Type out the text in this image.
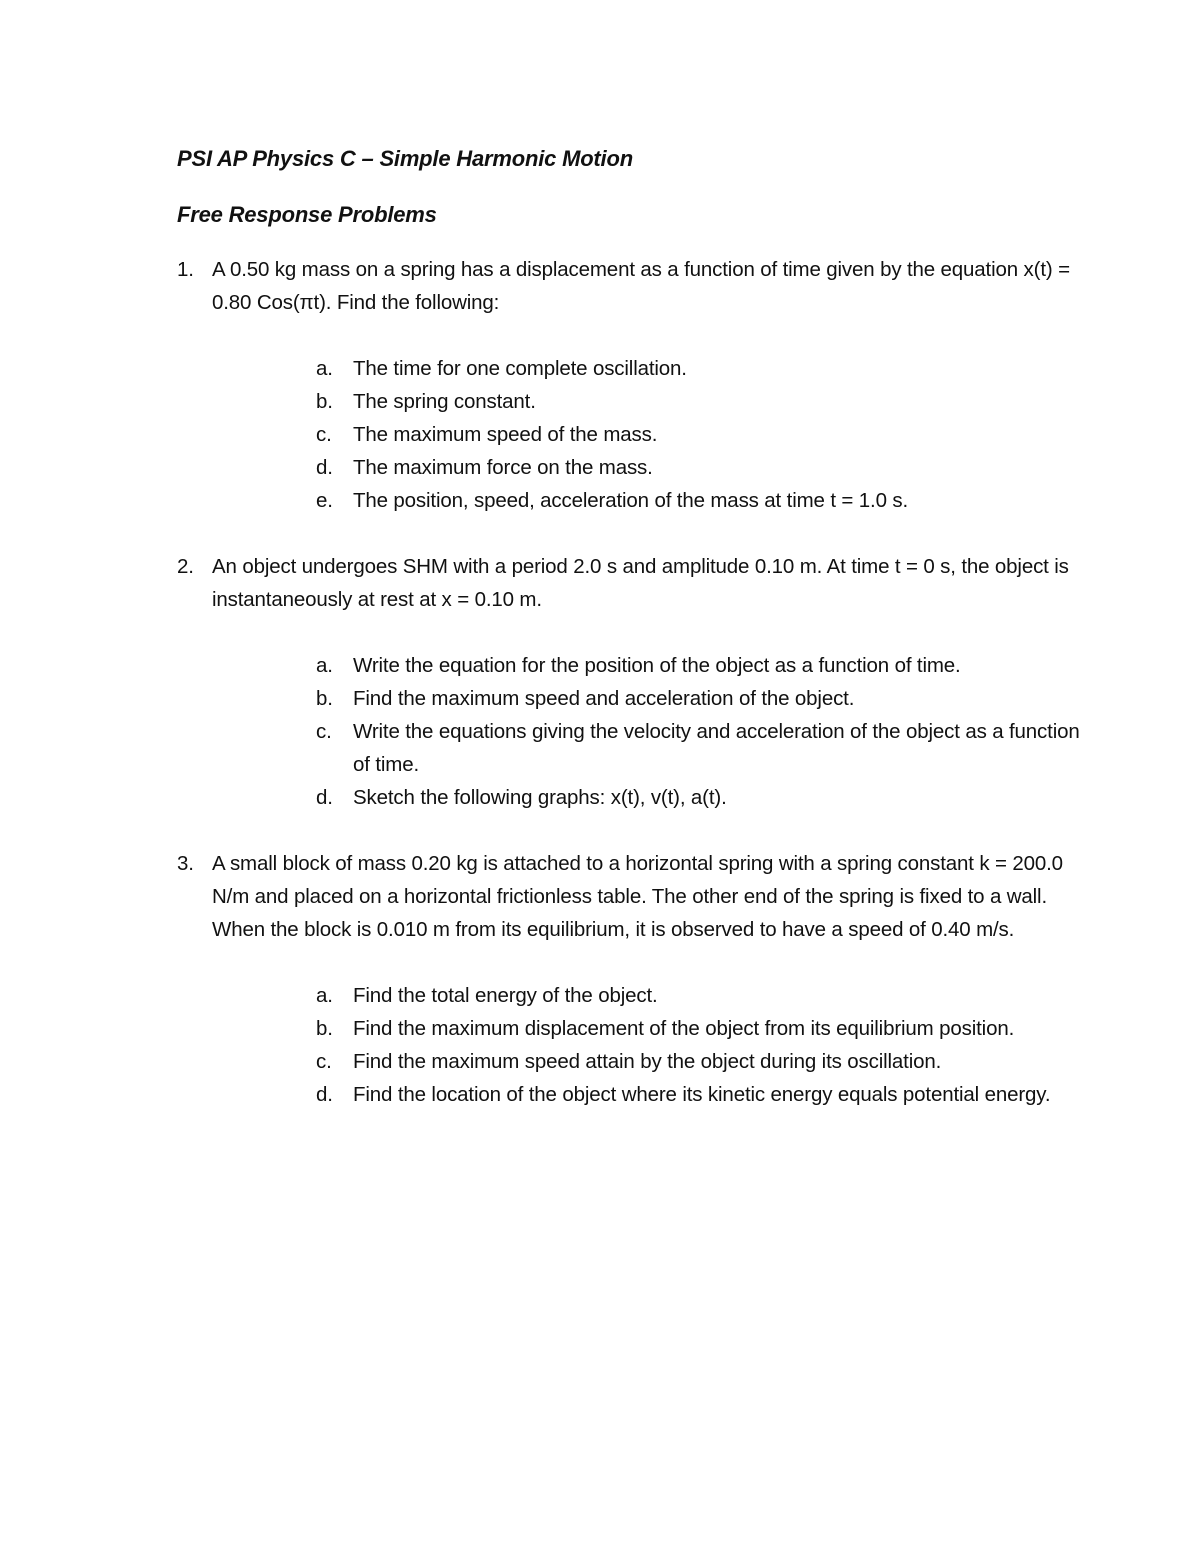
PSI AP Physics C – Simple Harmonic Motion
Free Response Problems
1. A 0.50 kg mass on a spring has a displacement as a function of time given by the equation x(t) = 0.80 Cos(πt). Find the following:
a. The time for one complete oscillation.
b. The spring constant.
c. The maximum speed of the mass.
d. The maximum force on the mass.
e. The position, speed, acceleration of the mass at time t = 1.0 s.
2. An object undergoes SHM with a period 2.0 s and amplitude 0.10 m. At time t = 0 s, the object is instantaneously at rest at x = 0.10 m.
a. Write the equation for the position of the object as a function of time.
b. Find the maximum speed and acceleration of the object.
c. Write the equations giving the velocity and acceleration of the object as a function of time.
d. Sketch the following graphs: x(t), v(t), a(t).
3. A small block of mass 0.20 kg is attached to a horizontal spring with a spring constant k = 200.0 N/m and placed on a horizontal frictionless table. The other end of the spring is fixed to a wall. When the block is 0.010 m from its equilibrium, it is observed to have a speed of 0.40 m/s.
a. Find the total energy of the object.
b. Find the maximum displacement of the object from its equilibrium position.
c. Find the maximum speed attain by the object during its oscillation.
d. Find the location of the object where its kinetic energy equals potential energy.
